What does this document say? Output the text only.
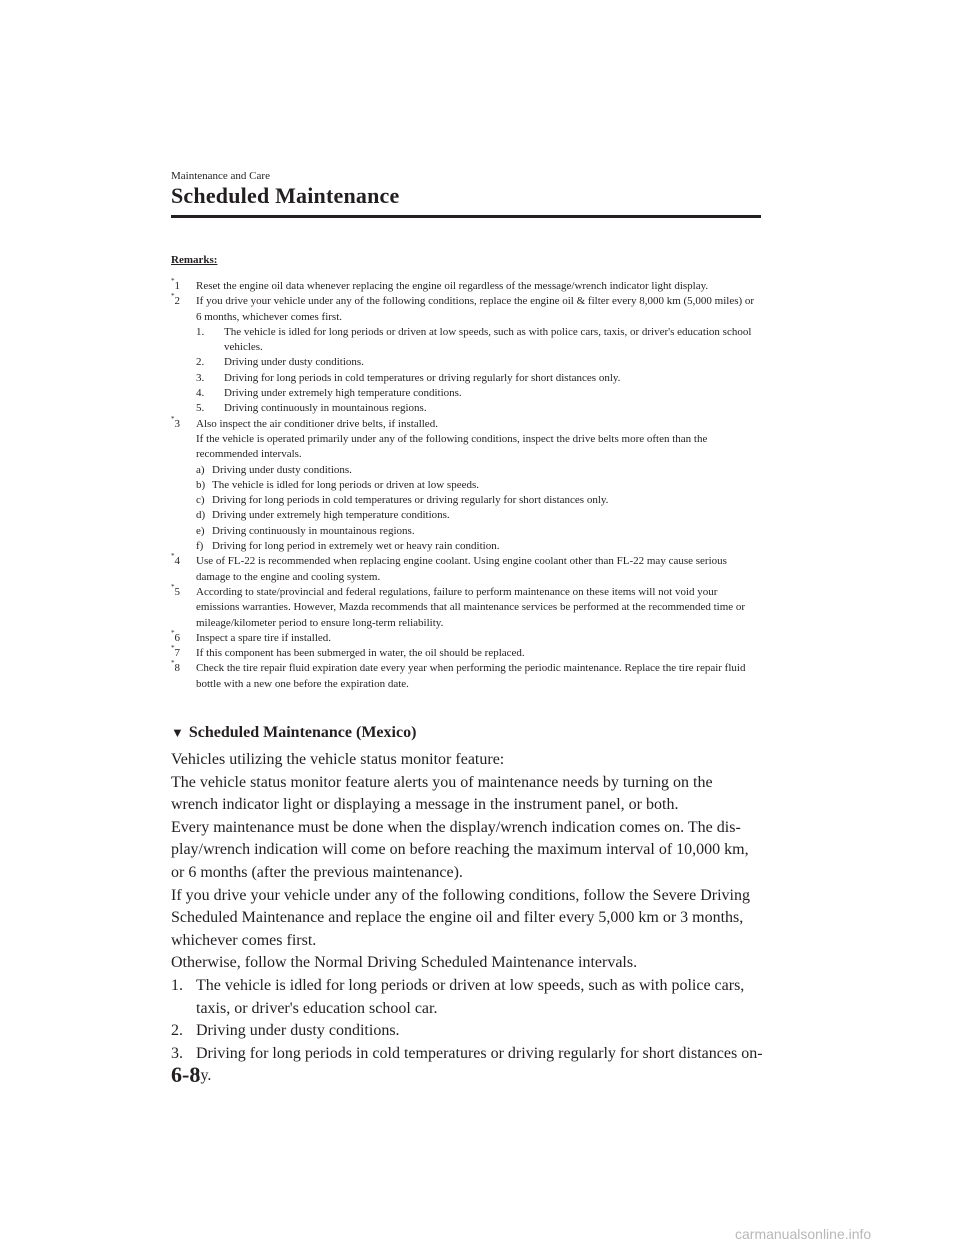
Maintenance and Care
Scheduled Maintenance
Remarks:
*1 Reset the engine oil data whenever replacing the engine oil regardless of the message/wrench indicator light display.
*2 If you drive your vehicle under any of the following conditions, replace the engine oil & filter every 8,000 km (5,000 miles) or 6 months, whichever comes first.
1. The vehicle is idled for long periods or driven at low speeds, such as with police cars, taxis, or driver's education school vehicles.
2. Driving under dusty conditions.
3. Driving for long periods in cold temperatures or driving regularly for short distances only.
4. Driving under extremely high temperature conditions.
5. Driving continuously in mountainous regions.
*3 Also inspect the air conditioner drive belts, if installed.
If the vehicle is operated primarily under any of the following conditions, inspect the drive belts more often than the recommended intervals.
a) Driving under dusty conditions.
b) The vehicle is idled for long periods or driven at low speeds.
c) Driving for long periods in cold temperatures or driving regularly for short distances only.
d) Driving under extremely high temperature conditions.
e) Driving continuously in mountainous regions.
f) Driving for long period in extremely wet or heavy rain condition.
*4 Use of FL-22 is recommended when replacing engine coolant. Using engine coolant other than FL-22 may cause serious damage to the engine and cooling system.
*5 According to state/provincial and federal regulations, failure to perform maintenance on these items will not void your emissions warranties. However, Mazda recommends that all maintenance services be performed at the recommended time or mileage/kilometer period to ensure long-term reliability.
*6 Inspect a spare tire if installed.
*7 If this component has been submerged in water, the oil should be replaced.
*8 Check the tire repair fluid expiration date every year when performing the periodic maintenance. Replace the tire repair fluid bottle with a new one before the expiration date.
▼ Scheduled Maintenance (Mexico)

Vehicles utilizing the vehicle status monitor feature:

The vehicle status monitor feature alerts you of maintenance needs by turning on the wrench indicator light or displaying a message in the instrument panel, or both.

Every maintenance must be done when the display/wrench indication comes on. The display/wrench indication will come on before reaching the maximum interval of 10,000 km, or 6 months (after the previous maintenance).

If you drive your vehicle under any of the following conditions, follow the Severe Driving Scheduled Maintenance and replace the engine oil and filter every 5,000 km or 3 months, whichever comes first.

Otherwise, follow the Normal Driving Scheduled Maintenance intervals.

1. The vehicle is idled for long periods or driven at low speeds, such as with police cars, taxis, or driver's education school car.
2. Driving under dusty conditions.
3. Driving for long periods in cold temperatures or driving regularly for short distances only.
6-8
carmanualsonline.info
